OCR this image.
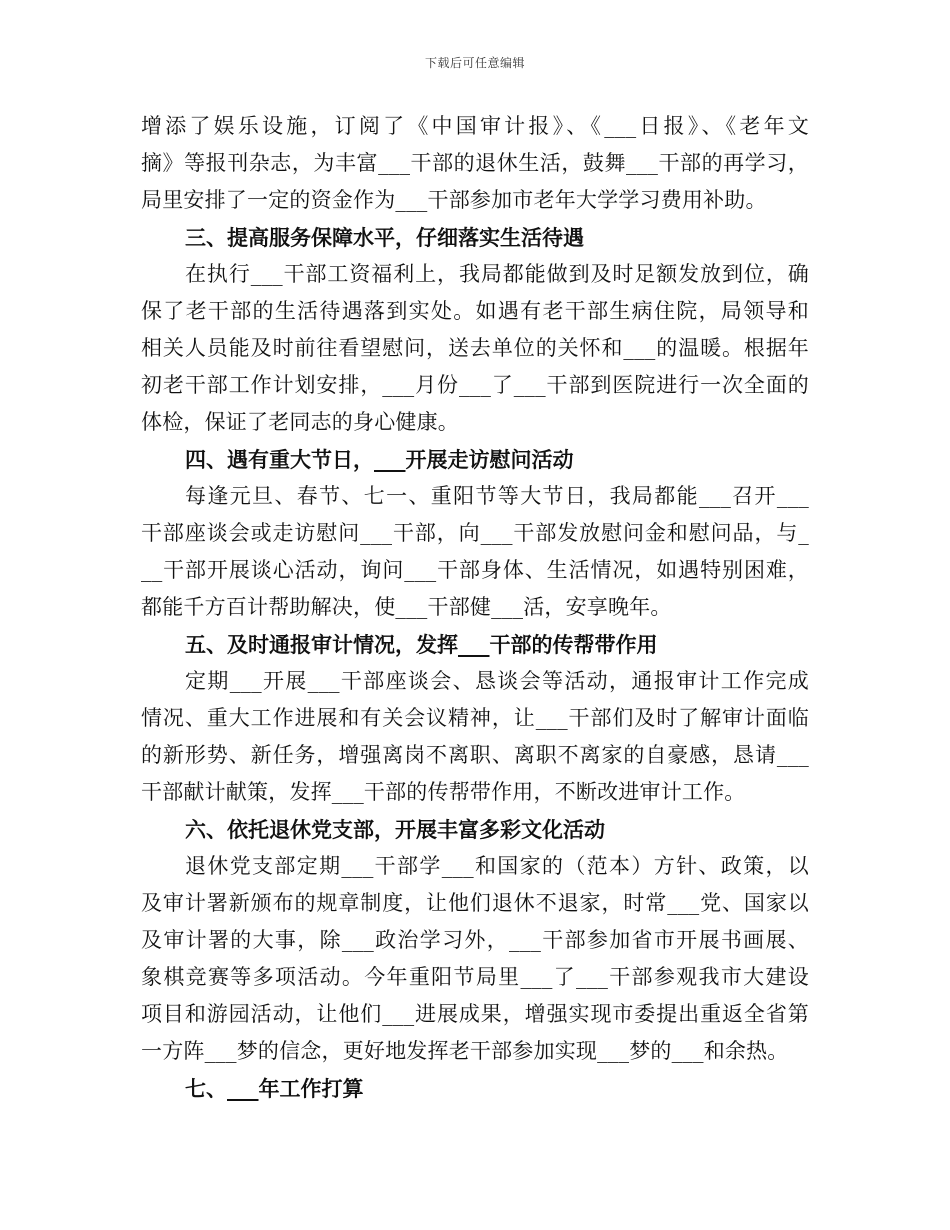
下载后可任意编辑
增添了娱乐设施，订阅了《中国审计报》、《___日报》、《老年文
摘》等报刊杂志，为丰富___干部的退休生活，鼓舞___干部的再学习，
局里安排了一定的资金作为___干部参加市老年大学学习费用补助。
三、提高服务保障水平，仔细落实生活待遇
在执行___干部工资福利上，我局都能做到及时足额发放到位，确
保了老干部的生活待遇落到实处。如遇有老干部生病住院，局领导和
相关人员能及时前往看望慰问，送去单位的关怀和___的温暖。根据年
初老干部工作计划安排，___月份___了___干部到医院进行一次全面的
体检，保证了老同志的身心健康。
四、遇有重大节日，___开展走访慰问活动
每逢元旦、春节、七一、重阳节等大节日，我局都能___召开___
干部座谈会或走访慰问___干部，向___干部发放慰问金和慰问品，与_
__干部开展谈心活动，询问___干部身体、生活情况，如遇特别困难，
都能千方百计帮助解决，使___干部健___活，安享晚年。
五、及时通报审计情况，发挥___干部的传帮带作用
定期___开展___干部座谈会、恳谈会等活动，通报审计工作完成
情况、重大工作进展和有关会议精神，让___干部们及时了解审计面临
的新形势、新任务，增强离岗不离职、离职不离家的自豪感，恳请___
干部献计献策，发挥___干部的传帮带作用，不断改进审计工作。
六、依托退休党支部，开展丰富多彩文化活动
退休党支部定期___干部学___和国家的（范本）方针、政策，以
及审计署新颁布的规章制度，让他们退休不退家，时常___党、国家以
及审计署的大事，除___政治学习外，___干部参加省市开展书画展、
象棋竞赛等多项活动。今年重阳节局里___了___干部参观我市大建设
项目和游园活动，让他们___进展成果，增强实现市委提出重返全省第
一方阵___梦的信念，更好地发挥老干部参加实现___梦的___和余热。
七、___年工作打算
